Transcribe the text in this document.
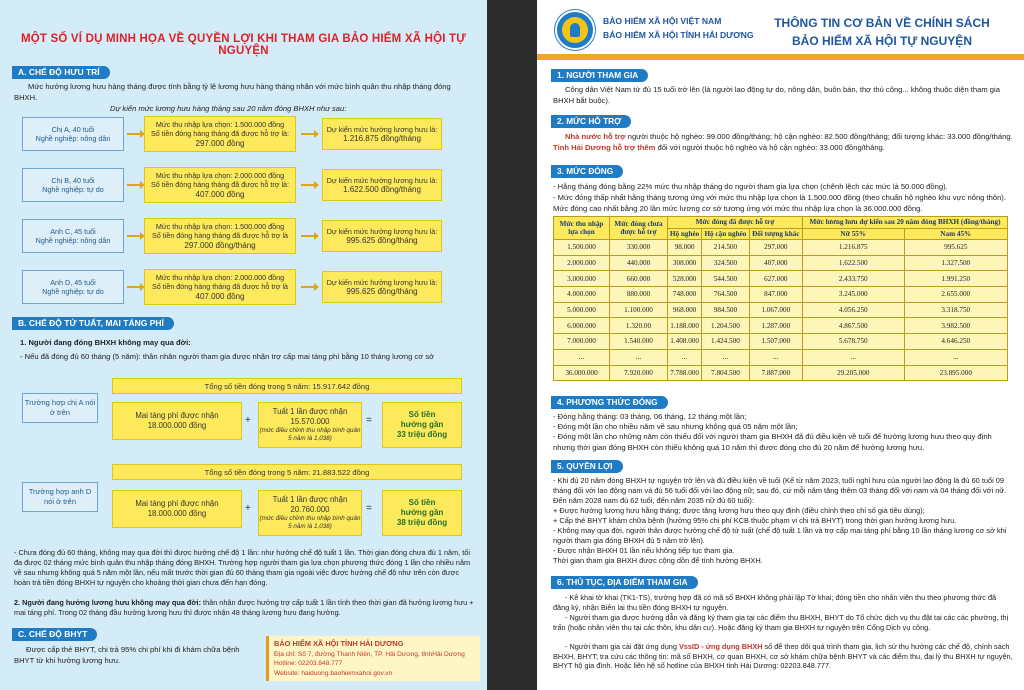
MỘT SỐ VÍ DỤ MINH HỌA VỀ QUYỀN LỢI KHI THAM GIA BẢO HIỂM XÃ HỘI TỰ NGUYỆN
A. CHẾ ĐỘ HƯU TRÍ
Mức hưởng lương hưu hàng tháng được tính bằng tỷ lệ lương hưu hàng tháng nhân với mức bình quân thu nhập tháng đóng BHXH.
Dự kiến mức lương hưu hàng tháng sau 20 năm đóng BHXH như sau:
Chị A, 40 tuổi
Nghề nghiệp: nông dân
Mức thu nhập lựa chọn: 1.500.000 đồng
Số tiền đóng hàng tháng đã được hỗ trợ là:
297.000 đồng
Dự kiến mức hưởng lương hưu là:
1.216.875 đồng/tháng
Chị B, 40 tuổi
Nghề nghiệp: tự do
Mức thu nhập lựa chọn: 2.000.000 đồng
Số tiền đóng hàng tháng đã được hỗ trợ là:
407.000 đồng
Dự kiến mức hưởng lương hưu là:
1.622.500 đồng/tháng
Anh C, 45 tuổi
Nghề nghiệp: nông dân
Mức thu nhập lựa chọn: 1.500.000 đồng
Số tiền đóng hàng tháng đã được hỗ trợ là
297.000 đồng/tháng
Dự kiến mức hưởng lương hưu là:
995.625 đồng/tháng
Anh D, 45 tuổi
Nghề nghiệp: tự do
Mức thu nhập lựa chọn: 2.000.000 đồng
Số tiền đóng hàng tháng đã được hỗ trợ là
407.000 đồng
Dự kiến mức hưởng lương hưu là:
995.625 đồng/tháng
B. CHẾ ĐỘ TỬ TUẤT, MAI TÁNG PHÍ
1. Người đang đóng BHXH không may qua đời:
- Nếu đã đóng đủ 60 tháng (5 năm): thân nhân người tham gia được nhận trợ cấp mai táng phí bằng 10 tháng lương cơ sở
Trường hợp chị A nói ở trên
Tổng số tiền đóng trong 5 năm: 15.917.642 đồng
Mai táng phí được nhận
18.000.000 đồng	+
Tuất 1 lần được nhận
15.570.000
(mức điều chỉnh thu nhập bình quân 5 năm là 1,038)
=
Số tiền
hưởng gần
33 triệu đồng
Trường hợp anh D nói ở trên
Tổng số tiền đóng trong 5 năm: 21.883.522 đồng
Mai táng phí được nhận
18.000.000 đồng	+
Tuất 1 lần được nhận
20.760.000
(mức điều chỉnh thu nhập bình quân 5 năm là 1,038)
=
Số tiền
hưởng gần
38 triệu đồng
- Chưa đóng đủ 60 tháng, không may qua đời thì được hưởng chế độ 1 lần: như hưởng chế độ tuất 1 lần. Thời gian đóng chưa đủ 1 năm, tối đa được 02 tháng mức bình quân thu nhập tháng đóng BHXH. Trường hợp người tham gia lựa chọn phương thức đóng 1 lần cho nhiều năm về sau nhưng không quá 5 năm một lần, nếu mất trước thời gian đủ 60 tháng tham gia ngoài việc được hưởng chế độ như trên còn được hoàn trả tiền đóng BHXH tự nguyện cho khoảng thời gian chưa đến hạn đóng.
2. Người đang hưởng lương hưu không may qua đời: thân nhân được hưởng trợ cấp tuất 1 lần tính theo thời gian đã hưởng lương hưu + mai táng phí. Trong 02 tháng đầu hưởng lương hưu thì được nhận 48 tháng lương hưu đang hưởng.
C. CHẾ ĐỘ BHYT
Được cấp thẻ BHYT, chi trả 95% chi phí khi đi khám chữa bệnh BHYT từ khi hưởng lương hưu.
BẢO HIỂM XÃ HỘI TỈNH HẢI DƯƠNG
Địa chỉ: Số 7, đường Thanh Niên, TP. Hải Dương, tỉnhHải Dương
Hotline: 02203.848.777
Website: haiduong.baohiemxahoi.gov.vn
BẢO HIỂM XÃ HỘI VIỆT NAM
BẢO HIỂM XÃ HỘI TỈNH HẢI DƯƠNG
THÔNG TIN CƠ BẢN VỀ CHÍNH SÁCH
BẢO HIỂM XÃ HỘI TỰ NGUYỆN
1. NGƯỜI THAM GIA
Công dân Việt Nam từ đủ 15 tuổi trở lên (là người lao động tự do, nông dân, buôn bán, thợ thủ công... không thuộc diện tham gia BHXH bắt buộc).
2. MỨC HỖ TRỢ
Nhà nước hỗ trợ người thuộc hộ nghèo: 99.000 đồng/tháng; hộ cận nghèo: 82.500 đồng/tháng; đối tượng khác: 33.000 đồng/tháng. Tỉnh Hải Dương hỗ trợ thêm đối với người thuộc hộ nghèo và hộ cận nghèo: 33.000 đồng/tháng.
3. MỨC ĐÓNG
- Hằng tháng đóng bằng 22% mức thu nhập tháng do người tham gia lựa chọn (chênh lệch các mức là 50.000 đồng).
- Mức đóng thấp nhất hằng tháng tương ứng với mức thu nhập lựa chọn là 1.500.000 đồng (theo chuẩn hộ nghèo khu vực nông thôn). Mức đóng cao nhất bằng 20 lần mức lương cơ sở tương ứng với mức thu nhập lựa chọn là 36.000.000 đồng.
Mức thu nhập lựa chọn	Mức đóng chưa được hỗ trợ	Mức đóng đã được hỗ trợ			Mức lương hưu dự kiến sau 20 năm đóng BHXH (đồng/tháng)	
		Hộ nghèo	Hộ cận nghèo	Đối tượng khác	Nữ 55%	Nam 45%
1.500.000	330.000	98.000	214.500	297.000	1.216.875	995.625
2.000.000	440.000	308.000	324.500	407.000	1.622.500	1.327.500
3.000.000	660.000	528.000	544.500	627.000	2.433.750	1.991.250
4.000.000	880.000	748.000	764.500	847.000	3.245.000	2.655.000
5.000.000	1.100.000	968.000	984.500	1.067.000	4.056.250	3.318.750
6.000.000	1.320.00	1.188.000	1.204.500	1.287.000	4.867.500	3.982.500
7.000.000	1.540.000	1.408.000	1.424.500	1.507.000	5.678.750	4.646.250
...	...	...	...	...	...	...
36.000.000	7.920.000	7.788.000	7.804.500	7.887.000	29.205.000	23.895.000
4. PHƯƠNG THỨC ĐÓNG
- Đóng hằng tháng: 03 tháng, 06 tháng, 12 tháng một lần;
- Đóng một lần cho nhiều năm về sau nhưng không quá 05 năm một lần;
- Đóng một lần cho những năm còn thiếu đối với người tham gia BHXH đã đủ điều kiện về tuổi để hưởng lương hưu theo quy định nhưng thời gian đóng BHXH còn thiếu không quá 10 năm thì được đóng cho đủ 20 năm để hưởng lương hưu.
5. QUYỀN LỢI
- Khi đủ 20 năm đóng BHXH tự nguyện trở lên và đủ điều kiện về tuổi (Kể từ năm 2023, tuổi nghỉ hưu của người lao động là đủ 60 tuổi 09 tháng đối với lao động nam và đủ 56 tuổi đối với lao động nữ; sau đó, cứ mỗi năm tăng thêm 03 tháng đối với nam và 04 tháng đối với nữ. Đến năm 2028 nam đủ 62 tuổi, đến năm 2035 nữ đủ 60 tuổi):
+ Được hưởng lương hưu hằng tháng; được tăng lương hưu theo quy định (điều chỉnh theo chỉ số giá tiêu dùng);
+ Cấp thẻ BHYT khám chữa bệnh (hưởng 95% chi phí KCB thuộc phạm vi chi trả BHYT) trong thời gian hưởng lương hưu.
- Không may qua đời, người thân được hưởng chế độ tử tuất (chế độ tuất 1 lần và trợ cấp mai táng phí bằng 10 lần tháng lương cơ sở khi người tham gia đóng BHXH đủ 5 năm trở lên).
- Được nhận BHXH 01 lần nếu không tiếp tục tham gia.
Thời gian tham gia BHXH được cộng dồn để tính hưởng BHXH.
6. THỦ TỤC, ĐỊA ĐIỂM THAM GIA
- Kê khai tờ khai (TK1-TS), trường hợp đã có mã số BHXH không phải lập Tờ khai; đóng tiền cho nhân viên thu theo phương thức đã đăng ký, nhận Biên lai thu tiền đóng BHXH tự nguyện.
- Người tham gia được hướng dẫn và đăng ký tham gia tại các điểm thu BHXH, BHYT do Tổ chức dịch vụ thu đặt tại các các phường, thị trấn (hoặc nhân viên thu tại các thôn, khu dân cư). Hoặc đăng ký tham gia BHXH tự nguyện trên Cổng Dịch vụ công.
- Người tham gia cài đặt ứng dụng VssID - ứng dụng BHXH số để theo dõi quá trình tham gia, lịch sử thụ hưởng các chế độ, chính sách BHXH, BHYT; tra cứu các thông tin: mã số BHXH, cơ quan BHXH, cơ sở khám chữa bệnh BHYT và các điểm thu, đại lý thu BHXH tự nguyện, BHYT hộ gia đình. Hoặc liên hệ số hotline của BHXH tỉnh Hải Dương: 02203.848.777.
